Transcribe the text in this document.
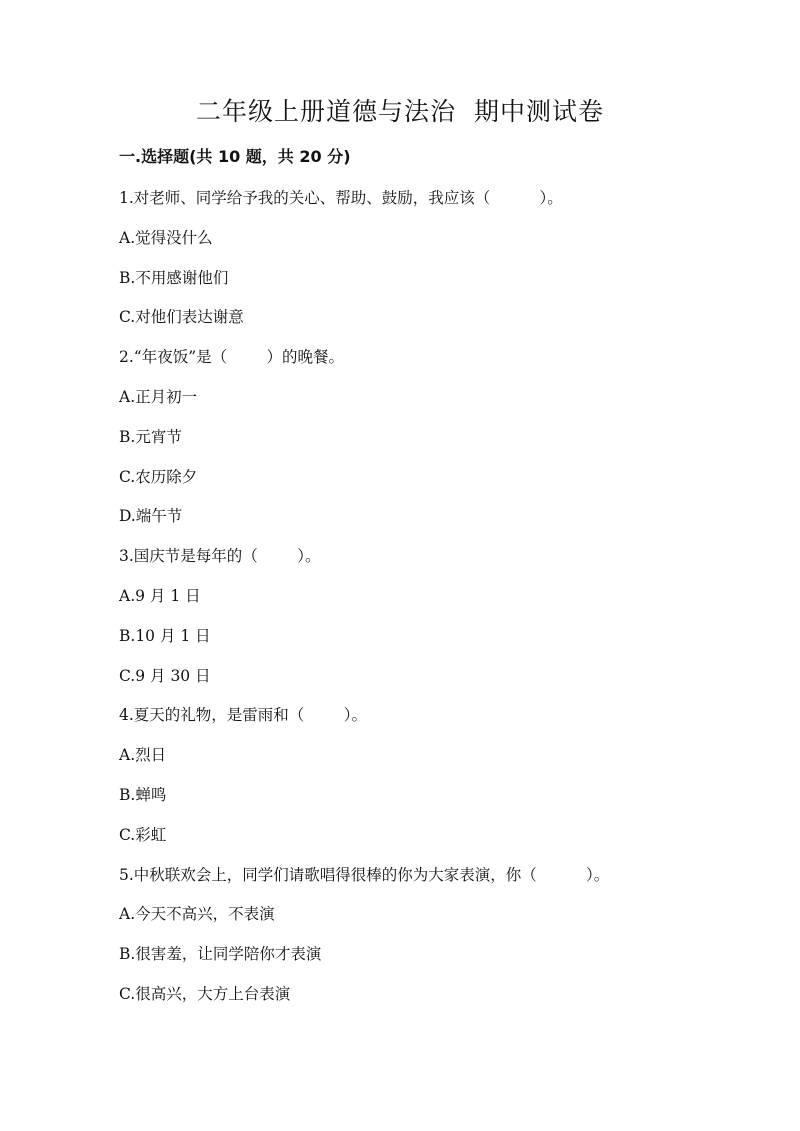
二年级上册道德与法治  期中测试卷
一.选择题(共 10 题，共 20 分)
1.对老师、同学给予我的关心、帮助、鼓励，我应该（          ）。
A.觉得没什么
B.不用感谢他们
C.对他们表达谢意
2.“年夜饭”是（        ）的晚餐。
A.正月初一
B.元宵节
C.农历除夕
D.端午节
3.国庆节是每年的（        ）。
A.9 月 1 日
B.10 月 1 日
C.9 月 30 日
4.夏天的礼物，是雷雨和（        ）。
A.烈日
B.蝉鸣
C.彩虹
5.中秋联欢会上，同学们请歌唱得很棒的你为大家表演，你（          ）。
A.今天不高兴，不表演
B.很害羞，让同学陪你才表演
C.很高兴，大方上台表演
